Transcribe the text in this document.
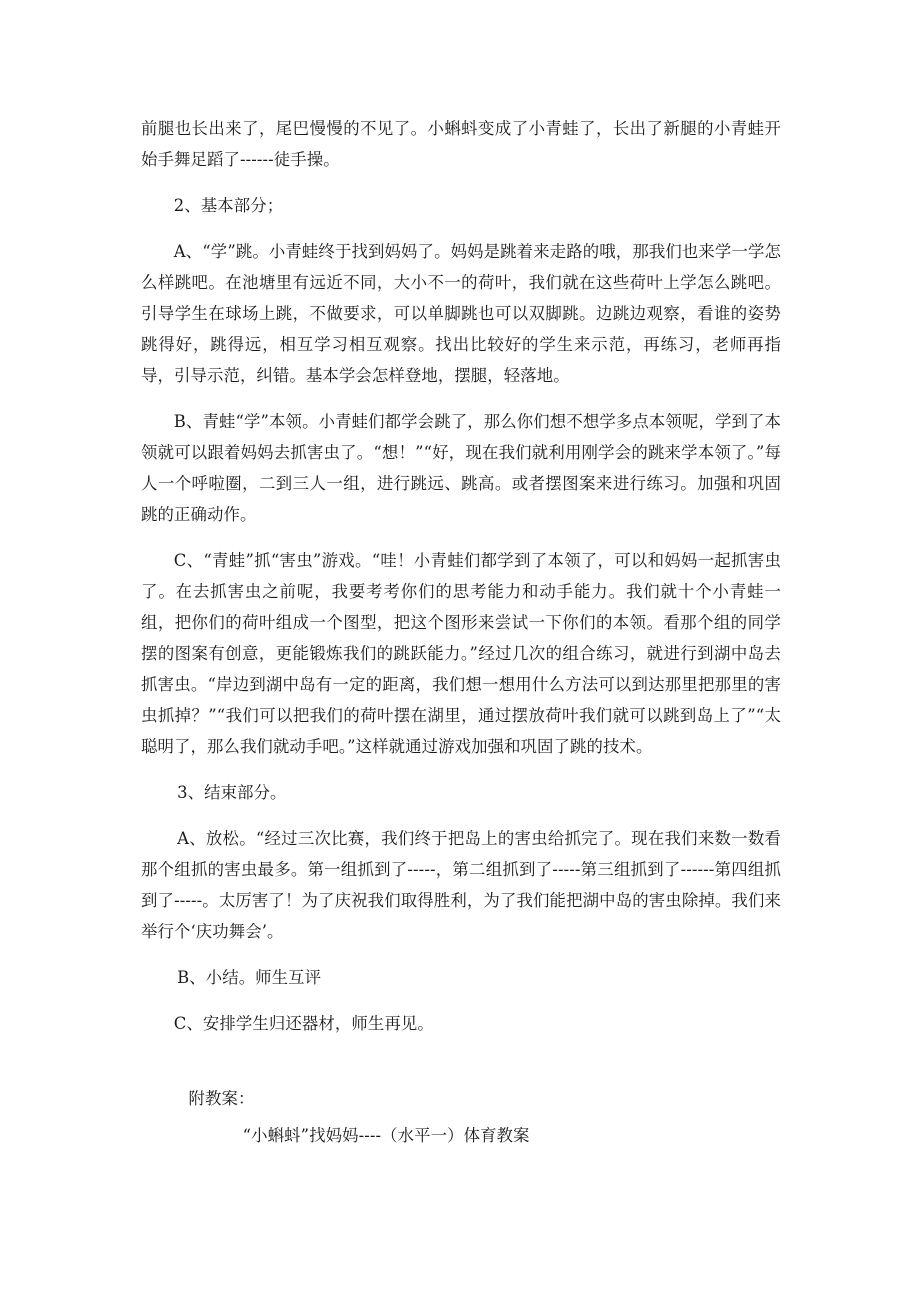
前腿也长出来了，尾巴慢慢的不见了。小蝌蚪变成了小青蛙了，长出了新腿的小青蛙开始手舞足蹈了------徒手操。

2、基本部分；

A、“学”跳。小青蛙终于找到妈妈了。妈妈是跳着来走路的哦，那我们也来学一学怎么样跳吧。在池塘里有远近不同，大小不一的荷叶，我们就在这些荷叶上学怎么跳吧。引导学生在球场上跳，不做要求，可以单脚跳也可以双脚跳。边跳边观察，看谁的姿势跳得好，跳得远，相互学习相互观察。找出比较好的学生来示范，再练习，老师再指导，引导示范，纠错。基本学会怎样登地，摆腿，轻落地。

B、青蛙“学”本领。小青蛙们都学会跳了，那么你们想不想学多点本领呢，学到了本领就可以跟着妈妈去抓害虫了。“想！”“好，现在我们就利用刚学会的跳来学本领了。”每人一个呼啦圈，二到三人一组，进行跳远、跳高。或者摆图案来进行练习。加强和巩固跳的正确动作。

C、“青蛙”抓“害虫”游戏。“哇！小青蛙们都学到了本领了，可以和妈妈一起抓害虫了。在去抓害虫之前呢，我要考考你们的思考能力和动手能力。我们就十个小青蛙一组，把你们的荷叶组成一个图型，把这个图形来尝试一下你们的本领。看那个组的同学摆的图案有创意，更能锻炼我们的跳跃能力。”经过几次的组合练习，就进行到湖中岛去抓害虫。“岸边到湖中岛有一定的距离，我们想一想用什么方法可以到达那里把那里的害虫抓掉？”“我们可以把我们的荷叶摆在湖里，通过摆放荷叶我们就可以跳到岛上了”“太聪明了，那么我们就动手吧。”这样就通过游戏加强和巩固了跳的技术。

3、结束部分。

A、放松。“经过三次比赛，我们终于把岛上的害虫给抓完了。现在我们来数一数看那个组抓的害虫最多。第一组抓到了-----，第二组抓到了-----第三组抓到了------第四组抓到了-----。太厉害了！为了庆祝我们取得胜利，为了我们能把湖中岛的害虫除掉。我们来举行个‘庆功舞会’。

B、小结。师生互评

C、安排学生归还器材，师生再见。

附教案：

“小蝌蚪”找妈妈----（水平一）体育教案
